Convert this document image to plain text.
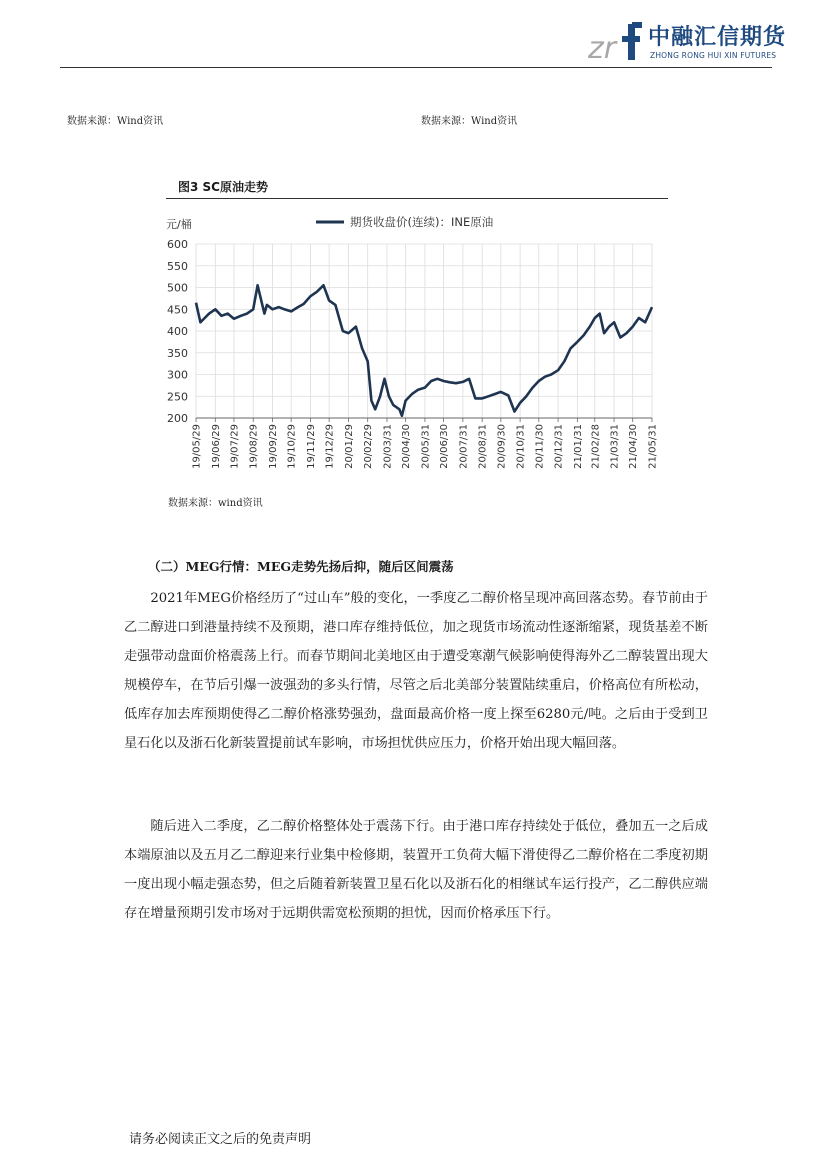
zr 中融汇信期货
ZHONG RONG HUI XIN FUTURES
数据来源：Wind资讯	数据来源：Wind资讯
图3 SC原油走势
200
250
300
350
400
450
500
550
600
19/05/29 19/06/29 19/07/29 19/08/29 19/09/29 19/10/29 19/11/29 19/12/29 20/01/29 20/02/29 20/03/31 20/04/30 20/05/31 20/06/30 20/07/31 20/08/31 20/09/30 20/10/31 20/11/30 20/12/31 21/01/31 21/02/28 21/03/31 21/04/30 21/05/31
期货收盘价(连续)：INE原油
元/桶
数据来源：wind资讯
（二）MEG行情：MEG走势先扬后抑，随后区间震荡

2021年MEG价格经历了“过山车”般的变化，一季度乙二醇价格呈现冲高回落态势。春节前由于乙二醇进口到港量持续不及预期，港口库存维持低位，加之现货市场流动性逐渐缩紧，现货基差不断走强带动盘面价格震荡上行。而春节期间北美地区由于遭受寒潮气候影响使得海外乙二醇装置出现大规模停车，在节后引爆一波强劲的多头行情，尽管之后北美部分装置陆续重启，价格高位有所松动，低库存加去库预期使得乙二醇价格涨势强劲，盘面最高价格一度上探至6280元/吨。之后由于受到卫星石化以及浙石化新装置提前试车影响，市场担忧供应压力，价格开始出现大幅回落。

随后进入二季度，乙二醇价格整体处于震荡下行。由于港口库存持续处于低位，叠加五一之后成本端原油以及五月乙二醇迎来行业集中检修期，装置开工负荷大幅下滑使得乙二醇价格在二季度初期一度出现小幅走强态势，但之后随着新装置卫星石化以及浙石化的相继试车运行投产，乙二醇供应端存在增量预期引发市场对于远期供需宽松预期的担忧，因而价格承压下行。

请务必阅读正文之后的免责声明
